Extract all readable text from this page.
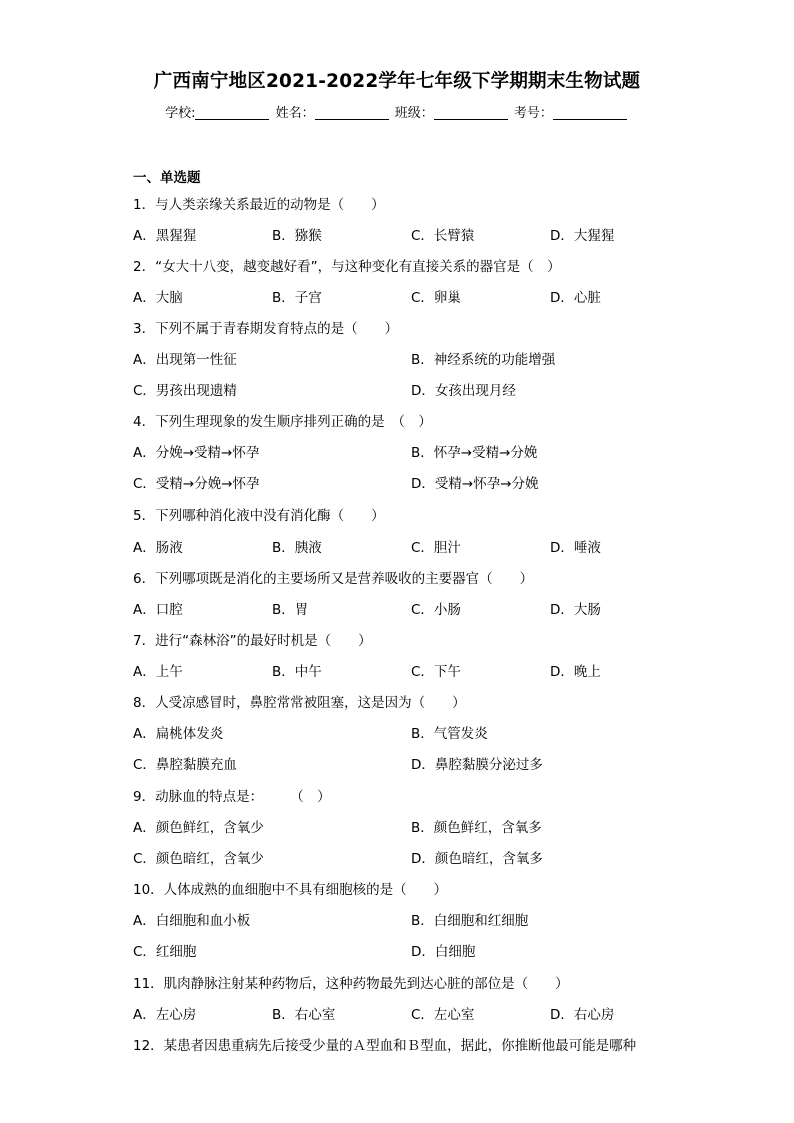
广西南宁地区2021-2022学年七年级下学期期末生物试题
学校:	姓名：	班级：	考号：
一、单选题
1．与人类亲缘关系最近的动物是（　　）
A．黑猩猩	B．猕猴	C．长臂猿	D．大猩猩
2．“女大十八变，越变越好看”，与这种变化有直接关系的器官是（　）
A．大脑	B．子宫	C．卵巢	D．心脏
3．下列不属于青春期发育特点的是（　　）
A．出现第一性征	B．神经系统的功能增强
C．男孩出现遗精	D．女孩出现月经
4．下列生理现象的发生顺序排列正确的是　（　）
A．分娩→受精→怀孕	B．怀孕→受精→分娩
C．受精→分娩→怀孕	D．受精→怀孕→分娩
5．下列哪种消化液中没有消化酶（　　）
A．肠液	B．胰液	C．胆汁	D．唾液
6．下列哪项既是消化的主要场所又是营养吸收的主要器官（　　）
A．口腔	B．胃	C．小肠	D．大肠
7．进行“森林浴”的最好时机是（　　）
A．上午	B．中午	C．下午	D．晚上
8．人受凉感冒时，鼻腔常常被阻塞，这是因为（　　）
A．扁桃体发炎	B．气管发炎
C．鼻腔黏膜充血	D．鼻腔黏膜分泌过多
9．动脉血的特点是：　　　（　）
A．颜色鲜红，含氧少	B．颜色鲜红，含氧多
C．颜色暗红，含氧少	D．颜色暗红，含氧多
10．人体成熟的血细胞中不具有细胞核的是（　　）
A．白细胞和血小板	B．白细胞和红细胞
C．红细胞	D．白细胞
11．肌肉静脉注射某种药物后，这种药物最先到达心脏的部位是（　　）
A．左心房	B．右心室	C．左心室	D．右心房
12．某患者因患重病先后接受少量的Ａ型血和Ｂ型血，据此，你推断他最可能是哪种
